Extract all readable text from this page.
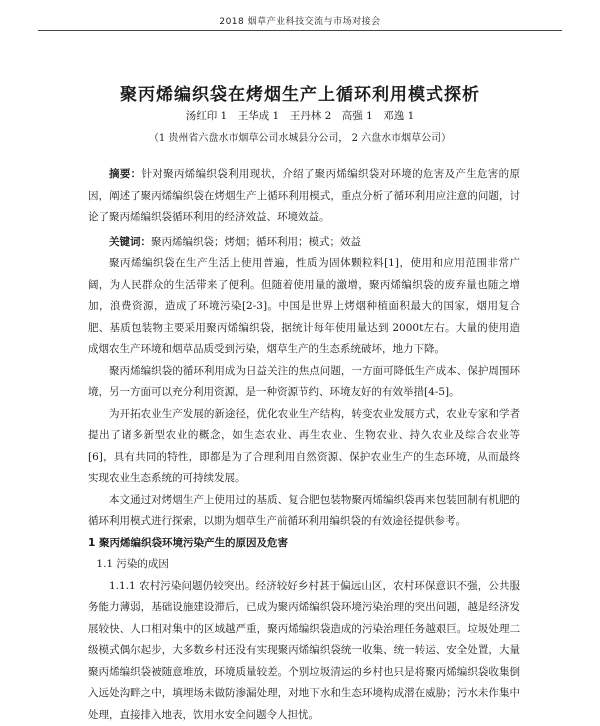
2018 烟草产业科技交流与市场对接会
聚丙烯编织袋在烤烟生产上循环利用模式探析
汤红印 1　王华成 1　王丹林 2　高强 1　邓逸 1
（1 贵州省六盘水市烟草公司水城县分公司， 2 六盘水市烟草公司）

摘要：针对聚丙烯编织袋利用现状，介绍了聚丙烯编织袋对环境的危害及产生危害的原因，阐述了聚丙烯编织袋在烤烟生产上循环利用模式，重点分析了循环利用应注意的问题，讨论了聚丙烯编织袋循环利用的经济效益、环境效益。

关键词：聚丙烯编织袋；烤烟；循环利用；模式；效益

聚丙烯编织袋在生产生活上使用普遍，性质为固体颗粒料[1]，使用和应用范围非常广阔，为人民群众的生活带来了便利。但随着使用量的激增，聚丙烯编织袋的废弃量也随之增加，浪费资源，造成了环境污染[2-3]。中国是世界上烤烟种植面积最大的国家，烟用复合肥、基质包装物主要采用聚丙烯编织袋，据统计每年使用量达到 2000t左右。大量的使用造成烟农生产环境和烟草品质受到污染，烟草生产的生态系统破坏，地力下降。

聚丙烯编织袋的循环利用成为日益关注的焦点问题，一方面可降低生产成本、保护周围环境，另一方面可以充分利用资源，是一种资源节约、环境友好的有效举措[4-5]。

为开拓农业生产发展的新途径，优化农业生产结构，转变农业发展方式，农业专家和学者提出了诸多新型农业的概念，如生态农业、再生农业、生物农业、持久农业及综合农业等[6]，具有共同的特性，即都是为了合理利用自然资源、保护农业生产的生态环境，从而最终实现农业生态系统的可持续发展。

本文通过对烤烟生产上使用过的基质、复合肥包装物聚丙烯编织袋再来包装回制有机肥的循环利用模式进行探索，以期为烟草生产前循环利用编织袋的有效途径提供参考。

1 聚丙烯编织袋环境污染产生的原因及危害

1.1 污染的成因

1.1.1 农村污染问题仍较突出。经济较好乡村甚于偏远山区，农村环保意识不强，公共服务能力薄弱，基础设施建设滞后，已成为聚丙烯编织袋环境污染治理的突出问题，越是经济发展较快、人口相对集中的区域越严重，聚丙烯编织袋造成的污染治理任务越艰巨。垃圾处理二级模式偶尔起步，大多数乡村还没有实现聚丙烯编织袋统一收集、统一转运、安全处置，大量聚丙烯编织袋被随意堆放，环境质量较差。个别垃圾清运的乡村也只是将聚丙烯编织袋收集倒入远处沟畔之中，填埋场未做防渗漏处理，对地下水和生态环境构成潜在威胁；污水未作集中处理，直接排入地表，饮用水安全问题令人担忧。
